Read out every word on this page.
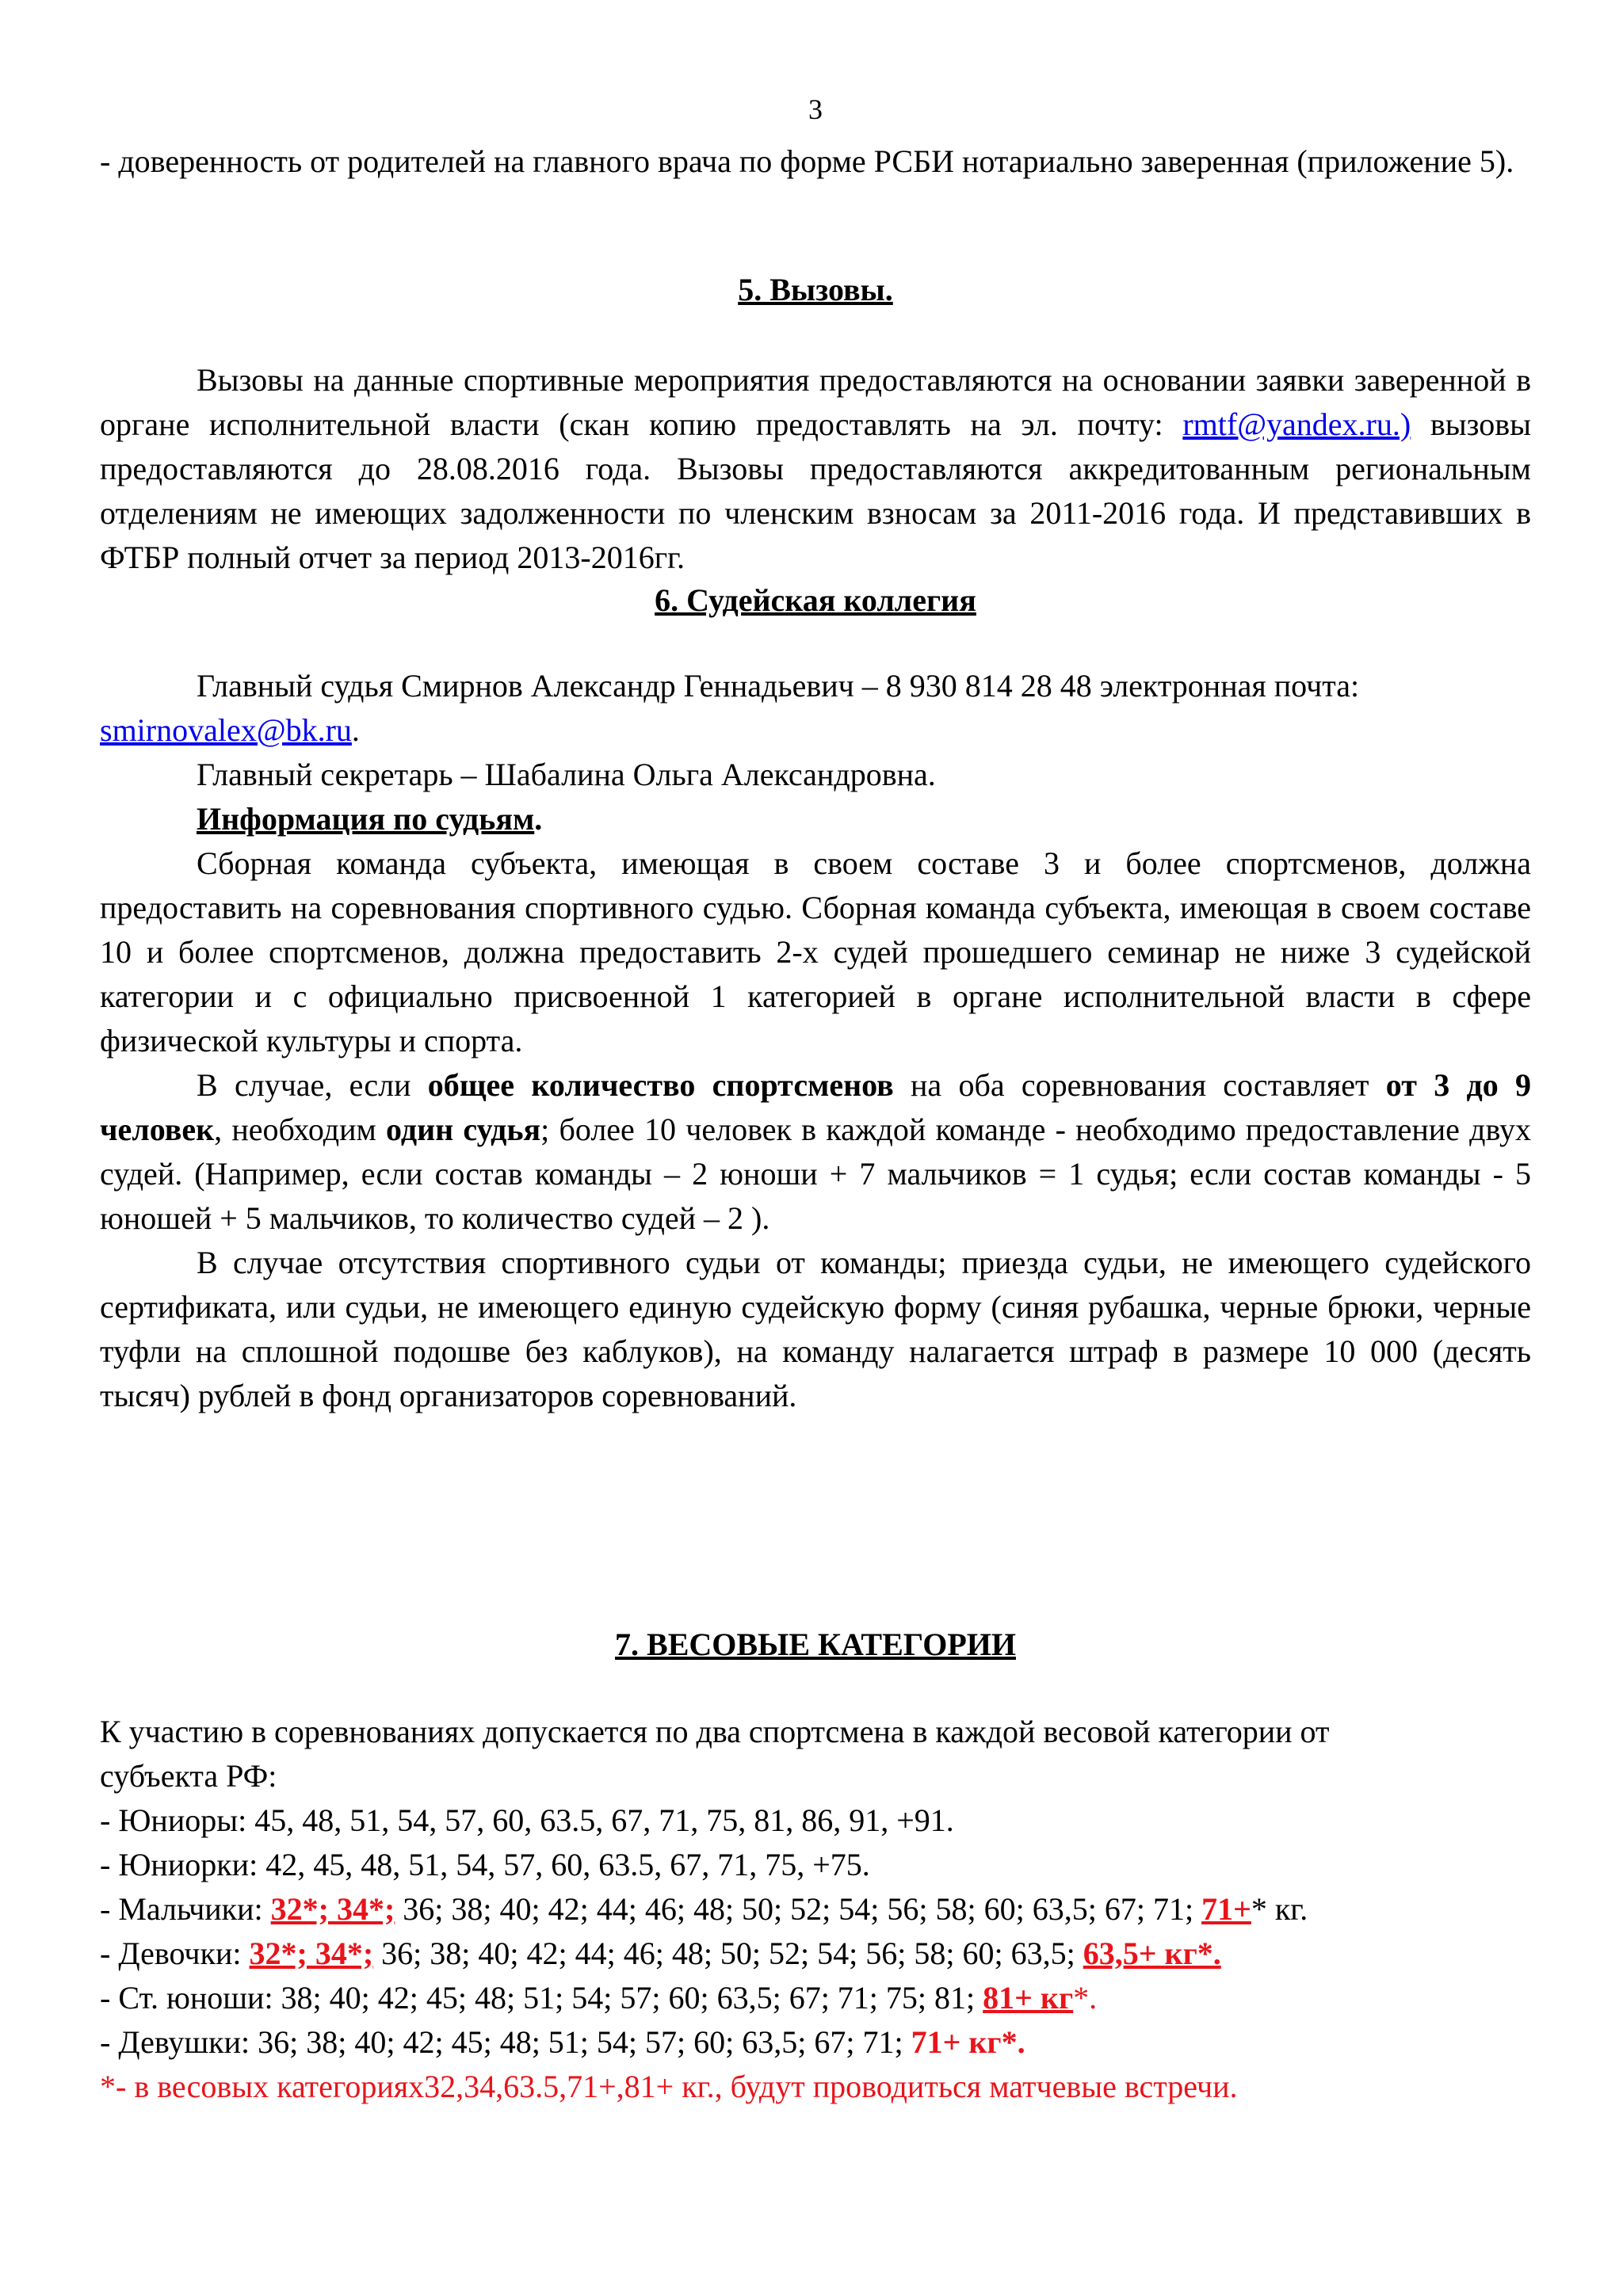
3

- доверенность от родителей на главного врача по форме РСБИ нотариально заверенная (приложение 5).

5. Вызовы.

Вызовы на данные спортивные мероприятия предоставляются на основании заявки заверенной в органе исполнительной власти (скан копию предоставлять на эл. почту: rmtf@yandex.ru.) вызовы предоставляются до 28.08.2016 года. Вызовы предоставляются аккредитованным региональным отделениям не имеющих задолженности по членским взносам за 2011-2016 года. И представивших в ФТБР полный отчет за период 2013-2016гг.

6. Судейская коллегия

Главный судья Смирнов Александр Геннадьевич – 8 930 814 28 48 электронная почта: smirnovalex@bk.ru.

Главный секретарь – Шабалина Ольга Александровна.

Информация по судьям.

Сборная команда субъекта, имеющая в своем составе 3 и более спортсменов, должна предоставить на соревнования спортивного судью. Сборная команда субъекта, имеющая в своем составе 10 и более спортсменов, должна предоставить 2-х судей прошедшего семинар не ниже 3 судейской категории и с официально присвоенной 1 категорией в органе исполнительной власти в сфере физической культуры и спорта.

В случае, если общее количество спортсменов на оба соревнования составляет от 3 до 9 человек, необходим один судья; более 10 человек в каждой команде - необходимо предоставление двух судей. (Например, если состав команды – 2 юноши + 7 мальчиков = 1 судья; если состав команды - 5 юношей + 5 мальчиков, то количество судей – 2 ).

В случае отсутствия спортивного судьи от команды; приезда судьи, не имеющего судейского сертификата, или судьи, не имеющего единую судейскую форму (синяя рубашка, черные брюки, черные туфли на сплошной подошве без каблуков), на команду налагается штраф в размере 10 000 (десять тысяч) рублей в фонд организаторов соревнований.

7. ВЕСОВЫЕ КАТЕГОРИИ

К участию в соревнованиях допускается по два спортсмена в каждой весовой категории от субъекта РФ:

- Юниоры: 45, 48, 51, 54, 57, 60, 63.5, 67, 71, 75, 81, 86, 91, +91.

- Юниорки: 42, 45, 48, 51, 54, 57, 60, 63.5, 67, 71, 75, +75.

- Мальчики: 32*; 34*; 36; 38; 40; 42; 44; 46; 48; 50; 52; 54; 56; 58; 60; 63,5; 67; 71; 71+* кг.

- Девочки: 32*; 34*; 36; 38; 40; 42; 44; 46; 48; 50; 52; 54; 56; 58; 60; 63,5; 63,5+ кг*.

- Ст. юноши: 38; 40; 42; 45; 48; 51; 54; 57; 60; 63,5; 67; 71; 75; 81; 81+ кг*.

- Девушки: 36; 38; 40; 42; 45; 48; 51; 54; 57; 60; 63,5; 67; 71; 71+ кг*.

*- в весовых категориях32,34,63.5,71+,81+ кг., будут проводиться матчевые встречи.
